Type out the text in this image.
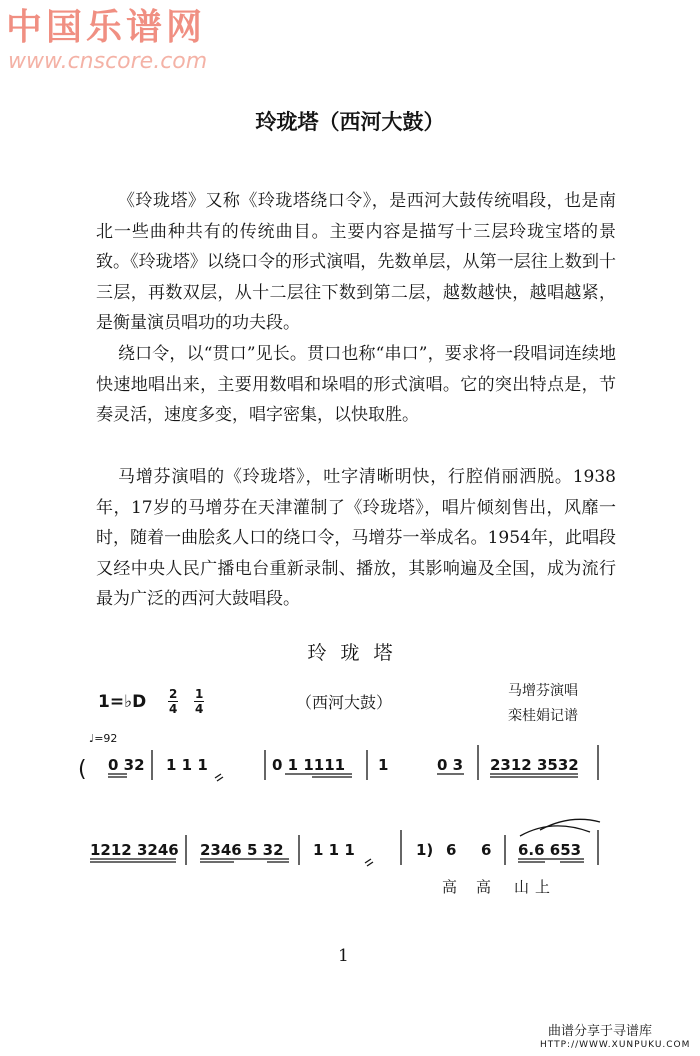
中国乐谱网
www.cnscore.com
玲珑塔（西河大鼓）

《玲珑塔》又称《玲珑塔绕口令》，是西河大鼓传统唱段，也是南北一些曲种共有的传统曲目。主要内容是描写十三层玲珑宝塔的景致。《玲珑塔》以绕口令的形式演唱，先数单层，从第一层往上数到十三层，再数双层，从十二层往下数到第二层，越数越快，越唱越紧，是衡量演员唱功的功夫段。

绕口令，以“贯口”见长。贯口也称“串口”，要求将一段唱词连续地快速地唱出来，主要用数唱和垛唱的形式演唱。它的突出特点是，节奏灵活，速度多变，唱字密集，以快取胜。

马增芬演唱的《玲珑塔》，吐字清晰明快，行腔俏丽洒脱。1938年，17岁的马增芬在天津灌制了《玲珑塔》，唱片倾刻售出，风靡一时，随着一曲脍炙人口的绕口令，马增芬一举成名。1954年，此唱段又经中央人民广播电台重新录制、播放，其影响遍及全国，成为流行最为广泛的西河大鼓唱段。

玲珑塔
1=♭D $\frac{2}{4} \frac{1}{4}$	（西河大鼓）
马增芬演唱
栾桂娟记谱
♩=92
( 0 32 1 1 1	0 1 1111 1	0 3 2312 3532
1212 3246 2346 5 32 1 1 1	1) 6 6 6.6 653
高 高 山上
1
曲谱分享于寻谱库
HTTP://WWW.XUNPUKU.COM
